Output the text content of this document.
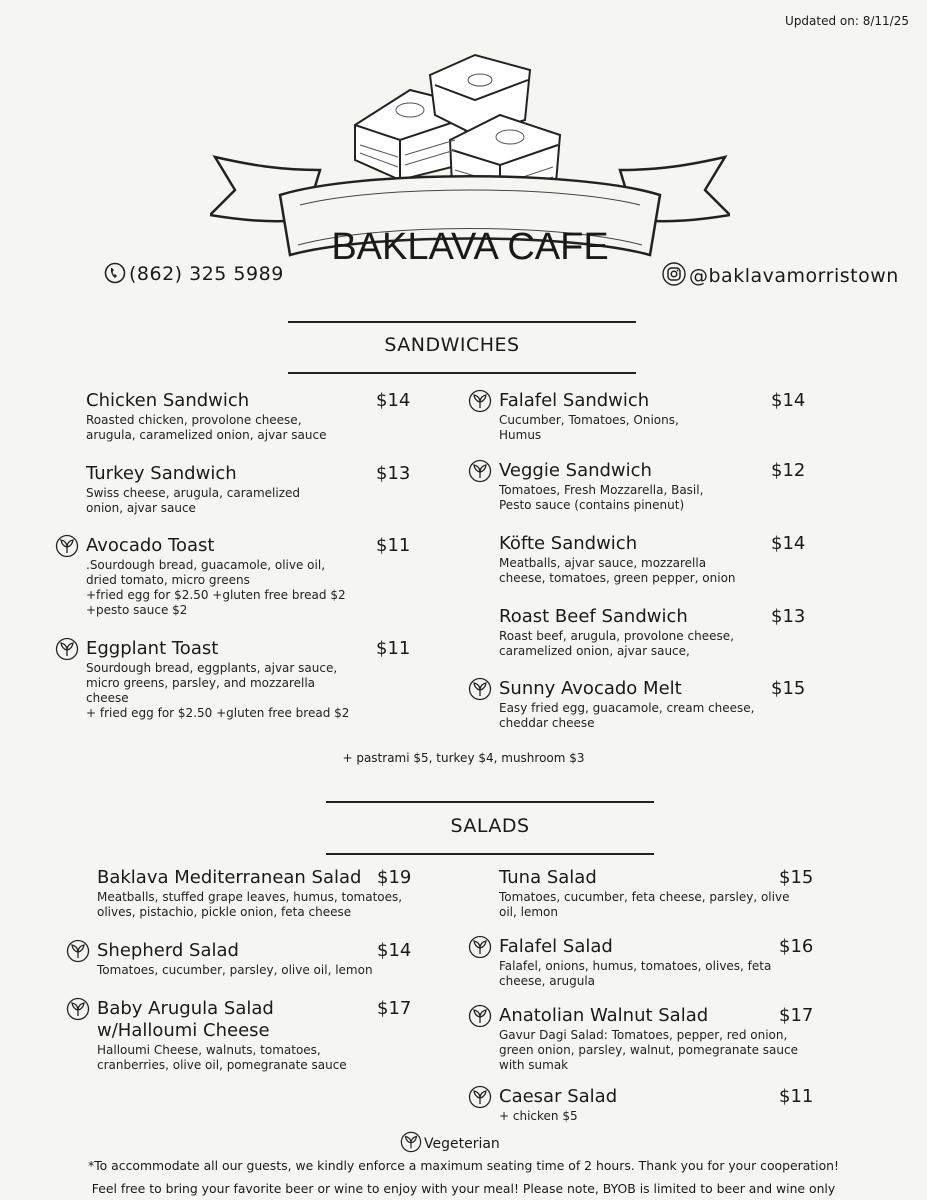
Updated on: 8/11/25
BAKLAVA CAFE
(862) 325 5989	@baklavamorristown
SANDWICHES
+ pastrami $5, turkey $4, mushroom $3
SALADS
Vegeterian
*To accommodate all our guests, we kindly enforce a maximum seating time of 2 hours. Thank you for your cooperation!
Feel free to bring your favorite beer or wine to enjoy with your meal! Please note, BYOB is limited to beer and wine only
Chicken Sandwich	$14
Roasted chicken, provolone cheese,
arugula, caramelized onion, ajvar sauce
Turkey Sandwich	$13
Swiss cheese, arugula, caramelized
onion, ajvar sauce
Avocado Toast	$11
.Sourdough bread, guacamole, olive oil,
dried tomato, micro greens
+fried egg for $2.50 +gluten free bread $2
+pesto sauce $2
Eggplant Toast	$11
Sourdough bread, eggplants, ajvar sauce,
micro greens, parsley, and mozzarella
cheese
+ fried egg for $2.50 +gluten free bread $2
Falafel Sandwich	$14
Cucumber, Tomatoes, Onions,
Humus
Veggie Sandwich	$12
Tomatoes, Fresh Mozzarella, Basil,
Pesto sauce (contains pinenut)
Köfte Sandwich	$14
Meatballs, ajvar sauce, mozzarella
cheese, tomatoes, green pepper, onion
Roast Beef Sandwich	$13
Roast beef, arugula, provolone cheese,
caramelized onion, ajvar sauce,
Sunny Avocado Melt	$15
Easy fried egg, guacamole, cream cheese,
cheddar cheese
Baklava Mediterranean Salad $19
Meatballs, stuffed grape leaves, humus, tomatoes,
olives, pistachio, pickle onion, feta cheese
Shepherd Salad	$14
Tomatoes, cucumber, parsley, olive oil, lemon
Baby Arugula Salad
w/Halloumi Cheese
$17
Halloumi Cheese, walnuts, tomatoes,
cranberries, olive oil, pomegranate sauce
Tuna Salad	$15
Tomatoes, cucumber, feta cheese, parsley, olive
oil, lemon
Falafel Salad	$16
Falafel, onions, humus, tomatoes, olives, feta
cheese, arugula
Anatolian Walnut Salad	$17
Gavur Dagi Salad: Tomatoes, pepper, red onion,
green onion, parsley, walnut, pomegranate sauce
with sumak
Caesar Salad	$11
+ chicken $5
